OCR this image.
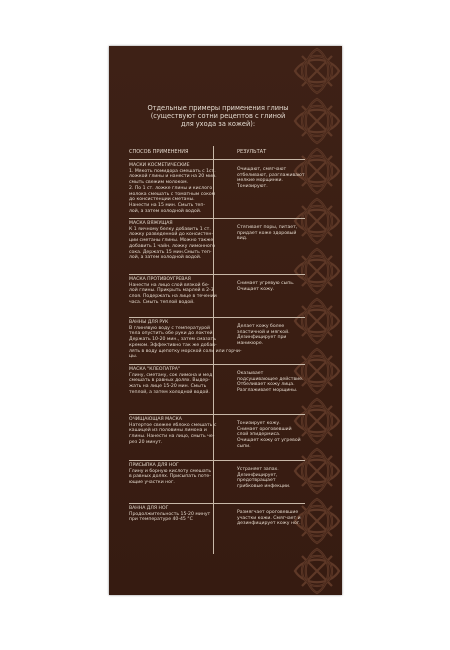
Отдельные примеры применения глины
(существуют сотни рецептов с глиной
для ухода за кожей):
СПОСОБ ПРИМЕНЕНИЯ	РЕЗУЛЬТАТ
МАСКИ КОСМЕТИЧЕСКИЕ
1. Мякоть помидора смешать с 1ст.
ложкой глины и нанести на 20 мин.
смыть свежим молоком.
2. По 1 ст. ложке глины и кислого
молока смешать с томатным соком
до консистенции сметаны.
Нанести на 15 мин. Смыть теп-
лой, а затем холодной водой.
Очищают, смягчают
отбеливают, разглаживают
мелкие морщинки.
Тонизируют.
МАСКА ВЯЖУЩАЯ
К 1 яичному белку добавить 1 ст.
ложку разведенной до консистен-
ции сметаны глины. Можно также
добавить 1 чайн. ложку лимонного
сока. Держать 15 мин.Смыть теп-
лой, а затем холодной водой.
Стягивает поры, питает,
придает коже здоровый
вид.
МАСКА ПРОТИВОУГРЕВАЯ
Нанести на лицо слой вязкой бе-
лой глины. Прикрыть марлей в 2-3
слоя. Подержать на лице в течении
часа. Смыть теплой водой.
Снимает угревую сыпь.
Очищает кожу.
ВАННЫ ДЛЯ РУК
В глинявую воду с температурой
тела опустить обе руки до локтей.
Держать 10-20 мин., затем смазать
кремом. Эффективно так же добав-
лять в воду щепотку морской соли или горчи-
цы.
Делает кожу более
эластичной и мягкой.
Дезинфицирует при
маникюре.
МАСКА "КЛЕОПАТРА"
Глину, сметану, сок лимона и мед
смешать в равных долях. Выдер-
жать на лице 15-20 мин. Смыть
теплой, а затем холодной водой.
Оказывает
подсушивающее действие.
Отбеливает кожу лица.
Разглаживает морщины.
ОЧИЩАЮЩАЯ МАСКА
Натертое свежее яблоко смешать с
кашицей из половины лимона и
глины. Нанести на лицо, смыть че-
рез 20 минут.
Тонизирует кожу.
Снимает ороговевший
слой эпидермиса.
Очищает кожу от угревой
сыпи.
ПРИСЫПКА ДЛЯ НОГ
Глину и борную кислоту смешать
в равных долях. Присыпать поте-
ющие участки ног.
Устраняет запах.
Дезинфицирует,
предотвращает
грибковые инфекции.
ВАННА ДЛЯ НОГ
Продолжительность 15-20 минут
при температуре 40-45 °С
Размягчает ороговевшие
участки кожи. Смягчает и
дезинфицирует кожу ног.
